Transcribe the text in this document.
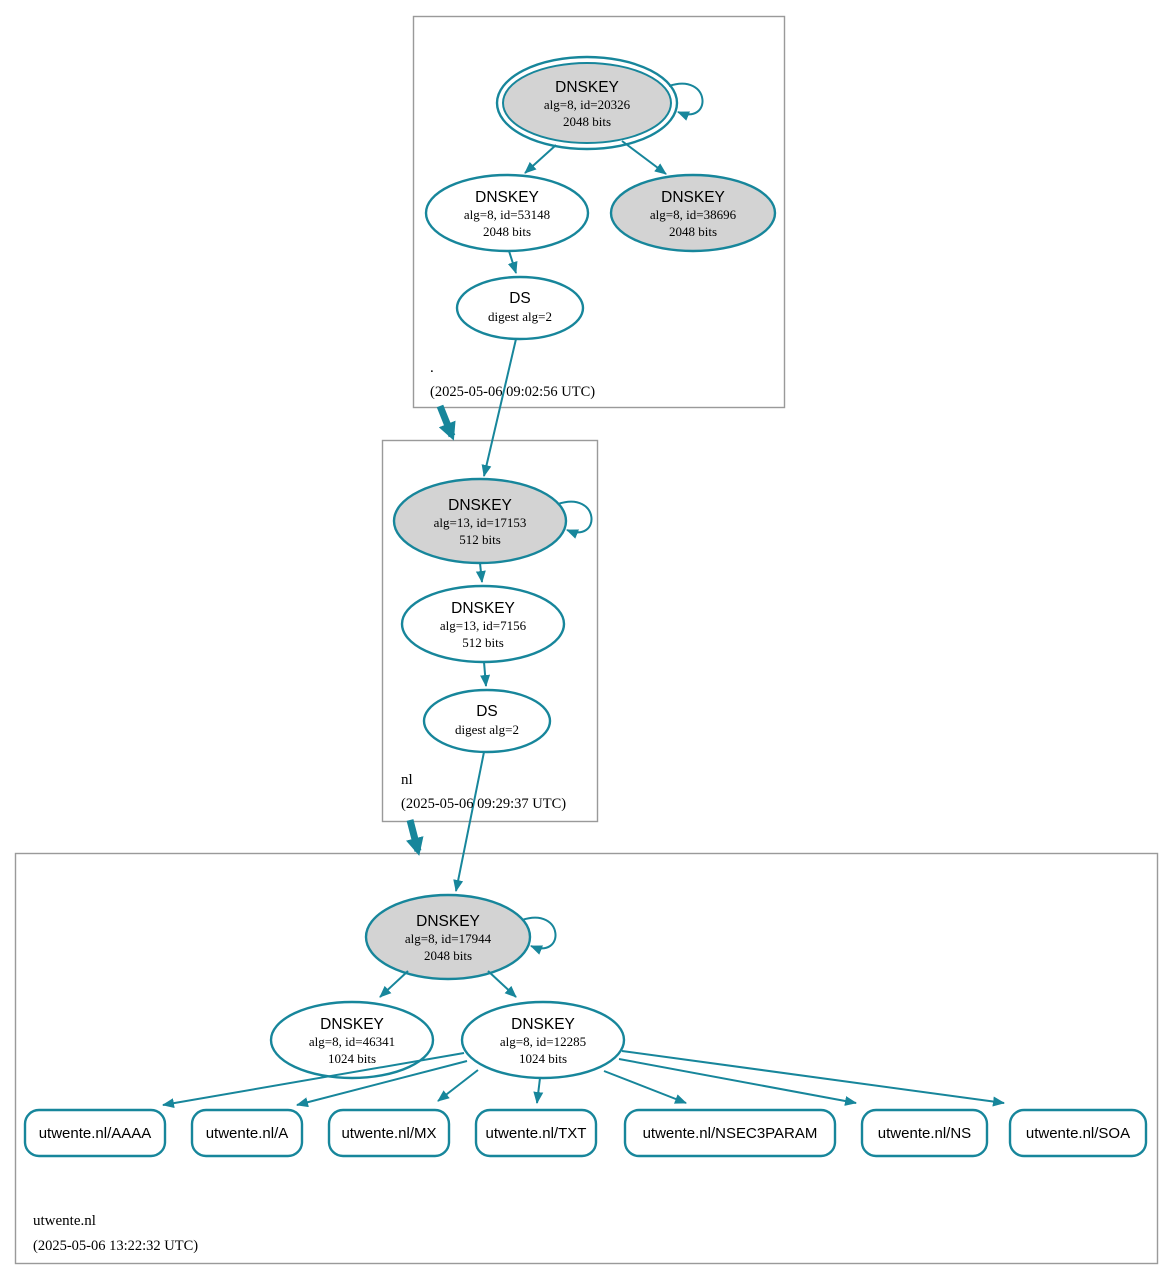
DNSKEY
alg=8, id=20326
2048 bits
DNSKEY
alg=8, id=53148
2048 bits
DNSKEY
alg=8, id=38696
2048 bits
DS
digest alg=2
.
(2025-05-06 09:02:56 UTC)
DNSKEY
alg=13, id=17153
512 bits
DNSKEY
alg=13, id=7156
512 bits
DS
digest alg=2
nl
(2025-05-06 09:29:37 UTC)
DNSKEY
alg=8, id=17944
2048 bits
DNSKEY
alg=8, id=46341
1024 bits
DNSKEY
alg=8, id=12285
1024 bits
utwente.nl/AAAA	utwente.nl/A	utwente.nl/MX	utwente.nl/TXT	utwente.nl/NSEC3PARAM	utwente.nl/NS	utwente.nl/SOA
utwente.nl
(2025-05-06 13:22:32 UTC)
